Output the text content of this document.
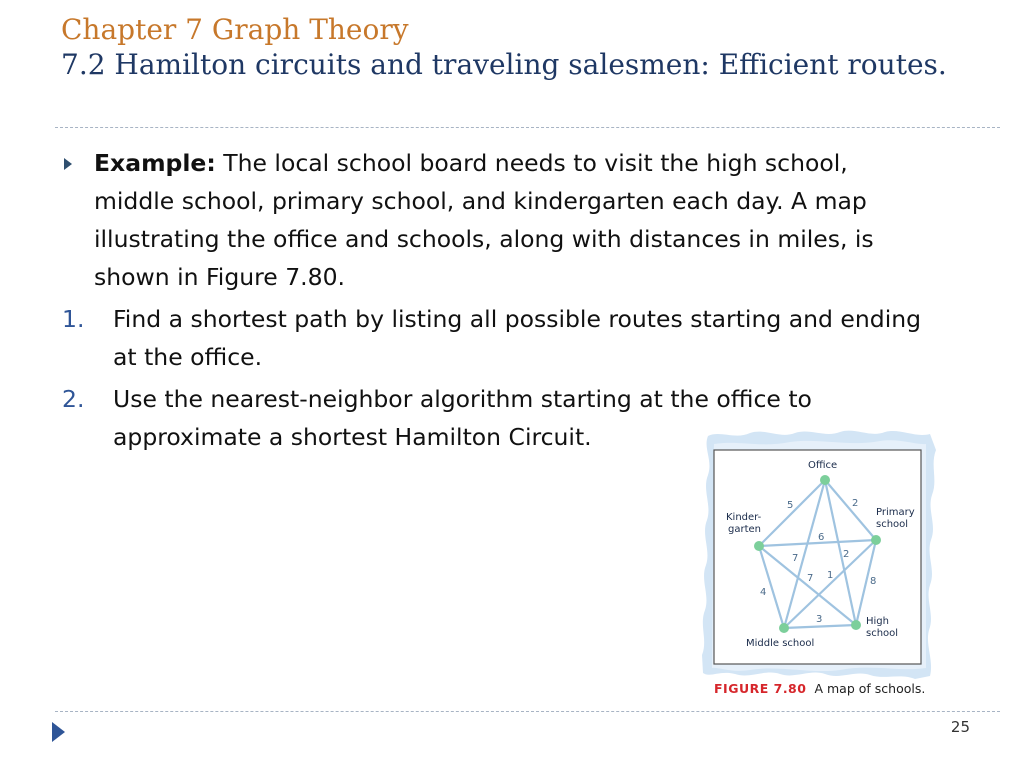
Chapter 7 Graph Theory
7.2 Hamilton circuits and traveling salesmen: Efficient routes.
Example: The local school board needs to visit the high school, middle school, primary school, and kindergarten each day. A map illustrating the office and schools, along with distances in miles, is shown in Figure 7.80.
1. Find a shortest path by listing all possible routes starting and ending at the office.
2. Use the nearest-neighbor algorithm starting at the office to approximate a shortest Hamilton Circuit.
Office
Primary
school
Kinder-
garten
Middle school
High
school
5	2
6
7	2
7 1
4
3
8
FIGURE 7.80 A map of schools.
25
